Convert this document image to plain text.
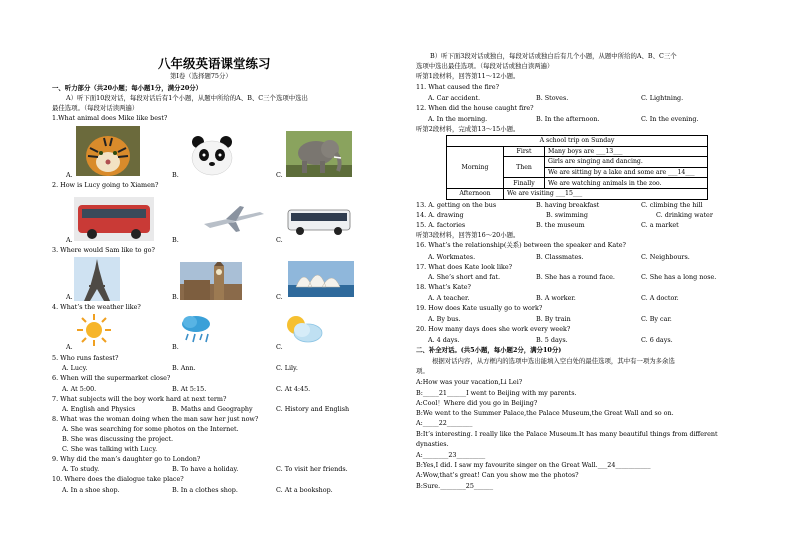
八年级英语课堂练习
第Ⅰ卷（选择题75分）
一、听力部分（共20小题；每小题1分，满分20分）
A）听下面10段对话，每段对话后有1个小题，从题中所给的A、B、C三个选项中选出
最佳选项。（每段对话读两遍）
1.What animal does Mike like best?
A.	B.	C.
2. How is Lucy going to Xiamen?
A.	B.	C.
3. Where would Sam like to go?
A.	B.	C.
4. What’s the weather like?
A.	B.	C.
5. Who runs fastest?
A. Lucy.	B. Ann.	C. Lily.
6. When will the supermarket close?
A. At 5:00.	B. At 5:15.	C. At 4:45.
7. What subjects will the boy work hard at next term?
A. English and Physics	B. Maths and Geography	C. History and English
8. What was the woman doing when the man saw her just now?
A. She was searching for some photos on the Internet.
B. She was discussing the project.
C. She was talking with Lucy.
9. Why did the man’s daughter go to London?
A. To study.	B. To have a holiday.	C. To visit her friends.
10. Where does the dialogue take place?
A. In a shoe shop.	B. In a clothes shop.	C. At a bookshop.
B）听下面3段对话或独白，每段对话或独白后有几个小题，从题中所给的A、B、C三个
选项中选出最佳选项。（每段对话或独白读两遍）
听第1段材料，回答第11～12小题。
11. What caused the fire?
A. Car accident.	B. Stoves.	C. Lightning.
12. When did the house caught fire?
A. In the morning.	B. In the afternoon.	C. In the evening.
听第2段材料，完成第13～15小题。
A school trip on Sunday		
Morning	First	Many boys are ___13___
	Then	Girls are singing and dancing.
		We are sitting by a lake and some are ___14___
	Finally	We are watching animals in the zoo.
Afternoon	We are visiting ___15___	
13. A. getting on the bus	B. having breakfast	C. climbing the hill
14. A. drawing	B. swimming	C. drinking water
15. A. factories	B. the museum	C. a market
听第3段材料，回答第16～20小题。
16. What’s the relationship(关系) between the speaker and Kate?
A. Workmates.	B. Classmates.	C. Neighbours.
17. What does Kate look like?
A. She’s short and fat.	B. She has a round face.	C. She has a long nose.
18. What’s Kate?
A. A teacher.	B. A worker.	C. A doctor.
19. How does Kate usually go to work?
A. By bus.	B. By train	C. By car.
20. How many days does she work every week?
A. 4 days.	B. 5 days.	C. 6 days.
二、补全对话。(共5小题，每小题2分，满分10分)
根据对话内容，从方框内的选项中选出能填入空白处的最佳选项，其中有一项为多余选
项。
A:How was your vacation,Li Lei?
B:_____21______I went to Beijing with my parents.
A:Cool！Where did you go in Beijing?
B:We went to the Summer Palace,the Palace Museum,the Great Wall and so on.
A:_____22________
B:It’s interesting. I really like the Palace Museum.It has many beautiful things from different
dynasties.
A:________23_________
B:Yes,I did. I saw my favourite singer on the Great Wall.___24___________
A:Wow,that’s great! Can you show me the photos?
B:Sure.________25______
